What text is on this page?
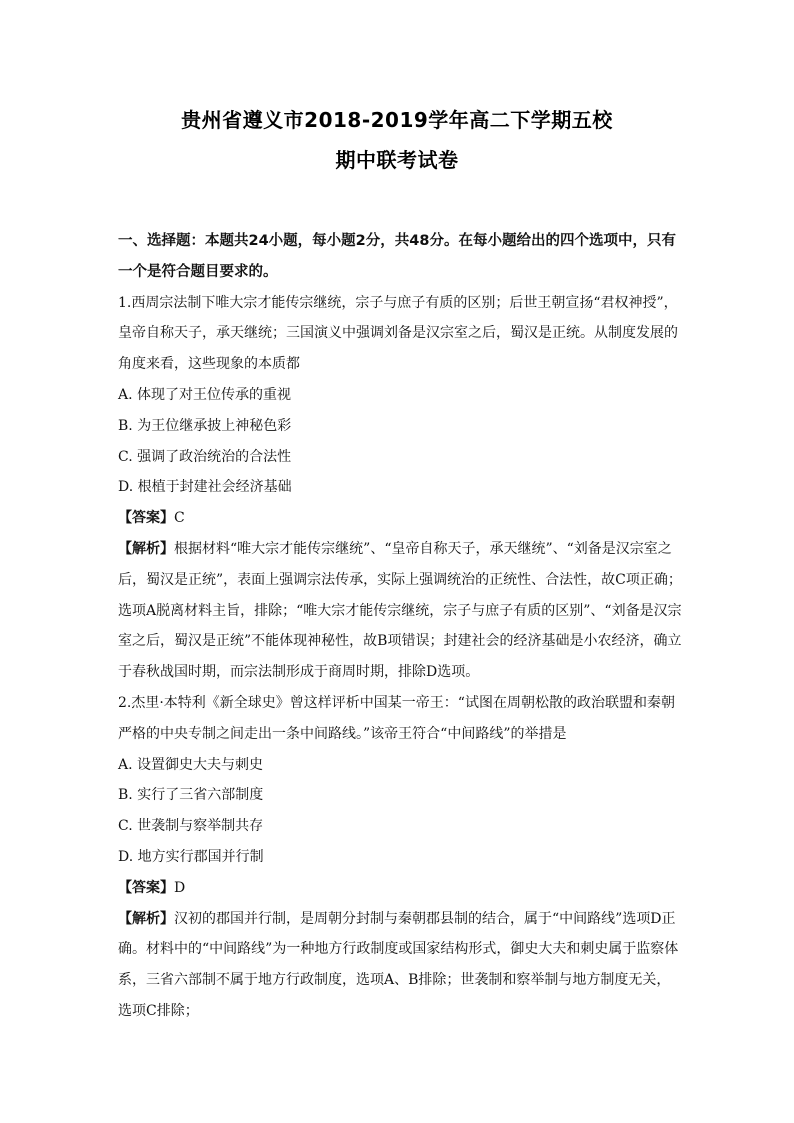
贵州省遵义市2018-2019学年高二下学期五校
期中联考试卷

一、选择题：本题共24小题，每小题2分，共48分。在每小题给出的四个选项中，只有一个是符合题目要求的。

1.西周宗法制下唯大宗才能传宗继统，宗子与庶子有质的区别；后世王朝宣扬“君权神授”，皇帝自称天子，承天继统；三国演义中强调刘备是汉宗室之后，蜀汉是正统。从制度发展的角度来看，这些现象的本质都

A. 体现了对王位传承的重视

B. 为王位继承披上神秘色彩

C. 强调了政治统治的合法性

D. 根植于封建社会经济基础

【答案】C

【解析】根据材料“唯大宗才能传宗继统”、“皇帝自称天子，承天继统”、“刘备是汉宗室之后，蜀汉是正统”，表面上强调宗法传承，实际上强调统治的正统性、合法性，故C项正确；选项A脱离材料主旨，排除；“唯大宗才能传宗继统，宗子与庶子有质的区别”、“刘备是汉宗室之后，蜀汉是正统”不能体现神秘性，故B项错误；封建社会的经济基础是小农经济，确立于春秋战国时期，而宗法制形成于商周时期，排除D选项。

2.杰里·本特利《新全球史》曾这样评析中国某一帝王：“试图在周朝松散的政治联盟和秦朝严格的中央专制之间走出一条中间路线。”该帝王符合“中间路线”的举措是

A. 设置御史大夫与刺史

B. 实行了三省六部制度

C. 世袭制与察举制共存

D. 地方实行郡国并行制

【答案】D

【解析】汉初的郡国并行制，是周朝分封制与秦朝郡县制的结合，属于“中间路线”选项D正确。材料中的“中间路线”为一种地方行政制度或国家结构形式，御史大夫和刺史属于监察体系，三省六部制不属于地方行政制度，选项A、B排除；世袭制和察举制与地方制度无关，选项C排除；
